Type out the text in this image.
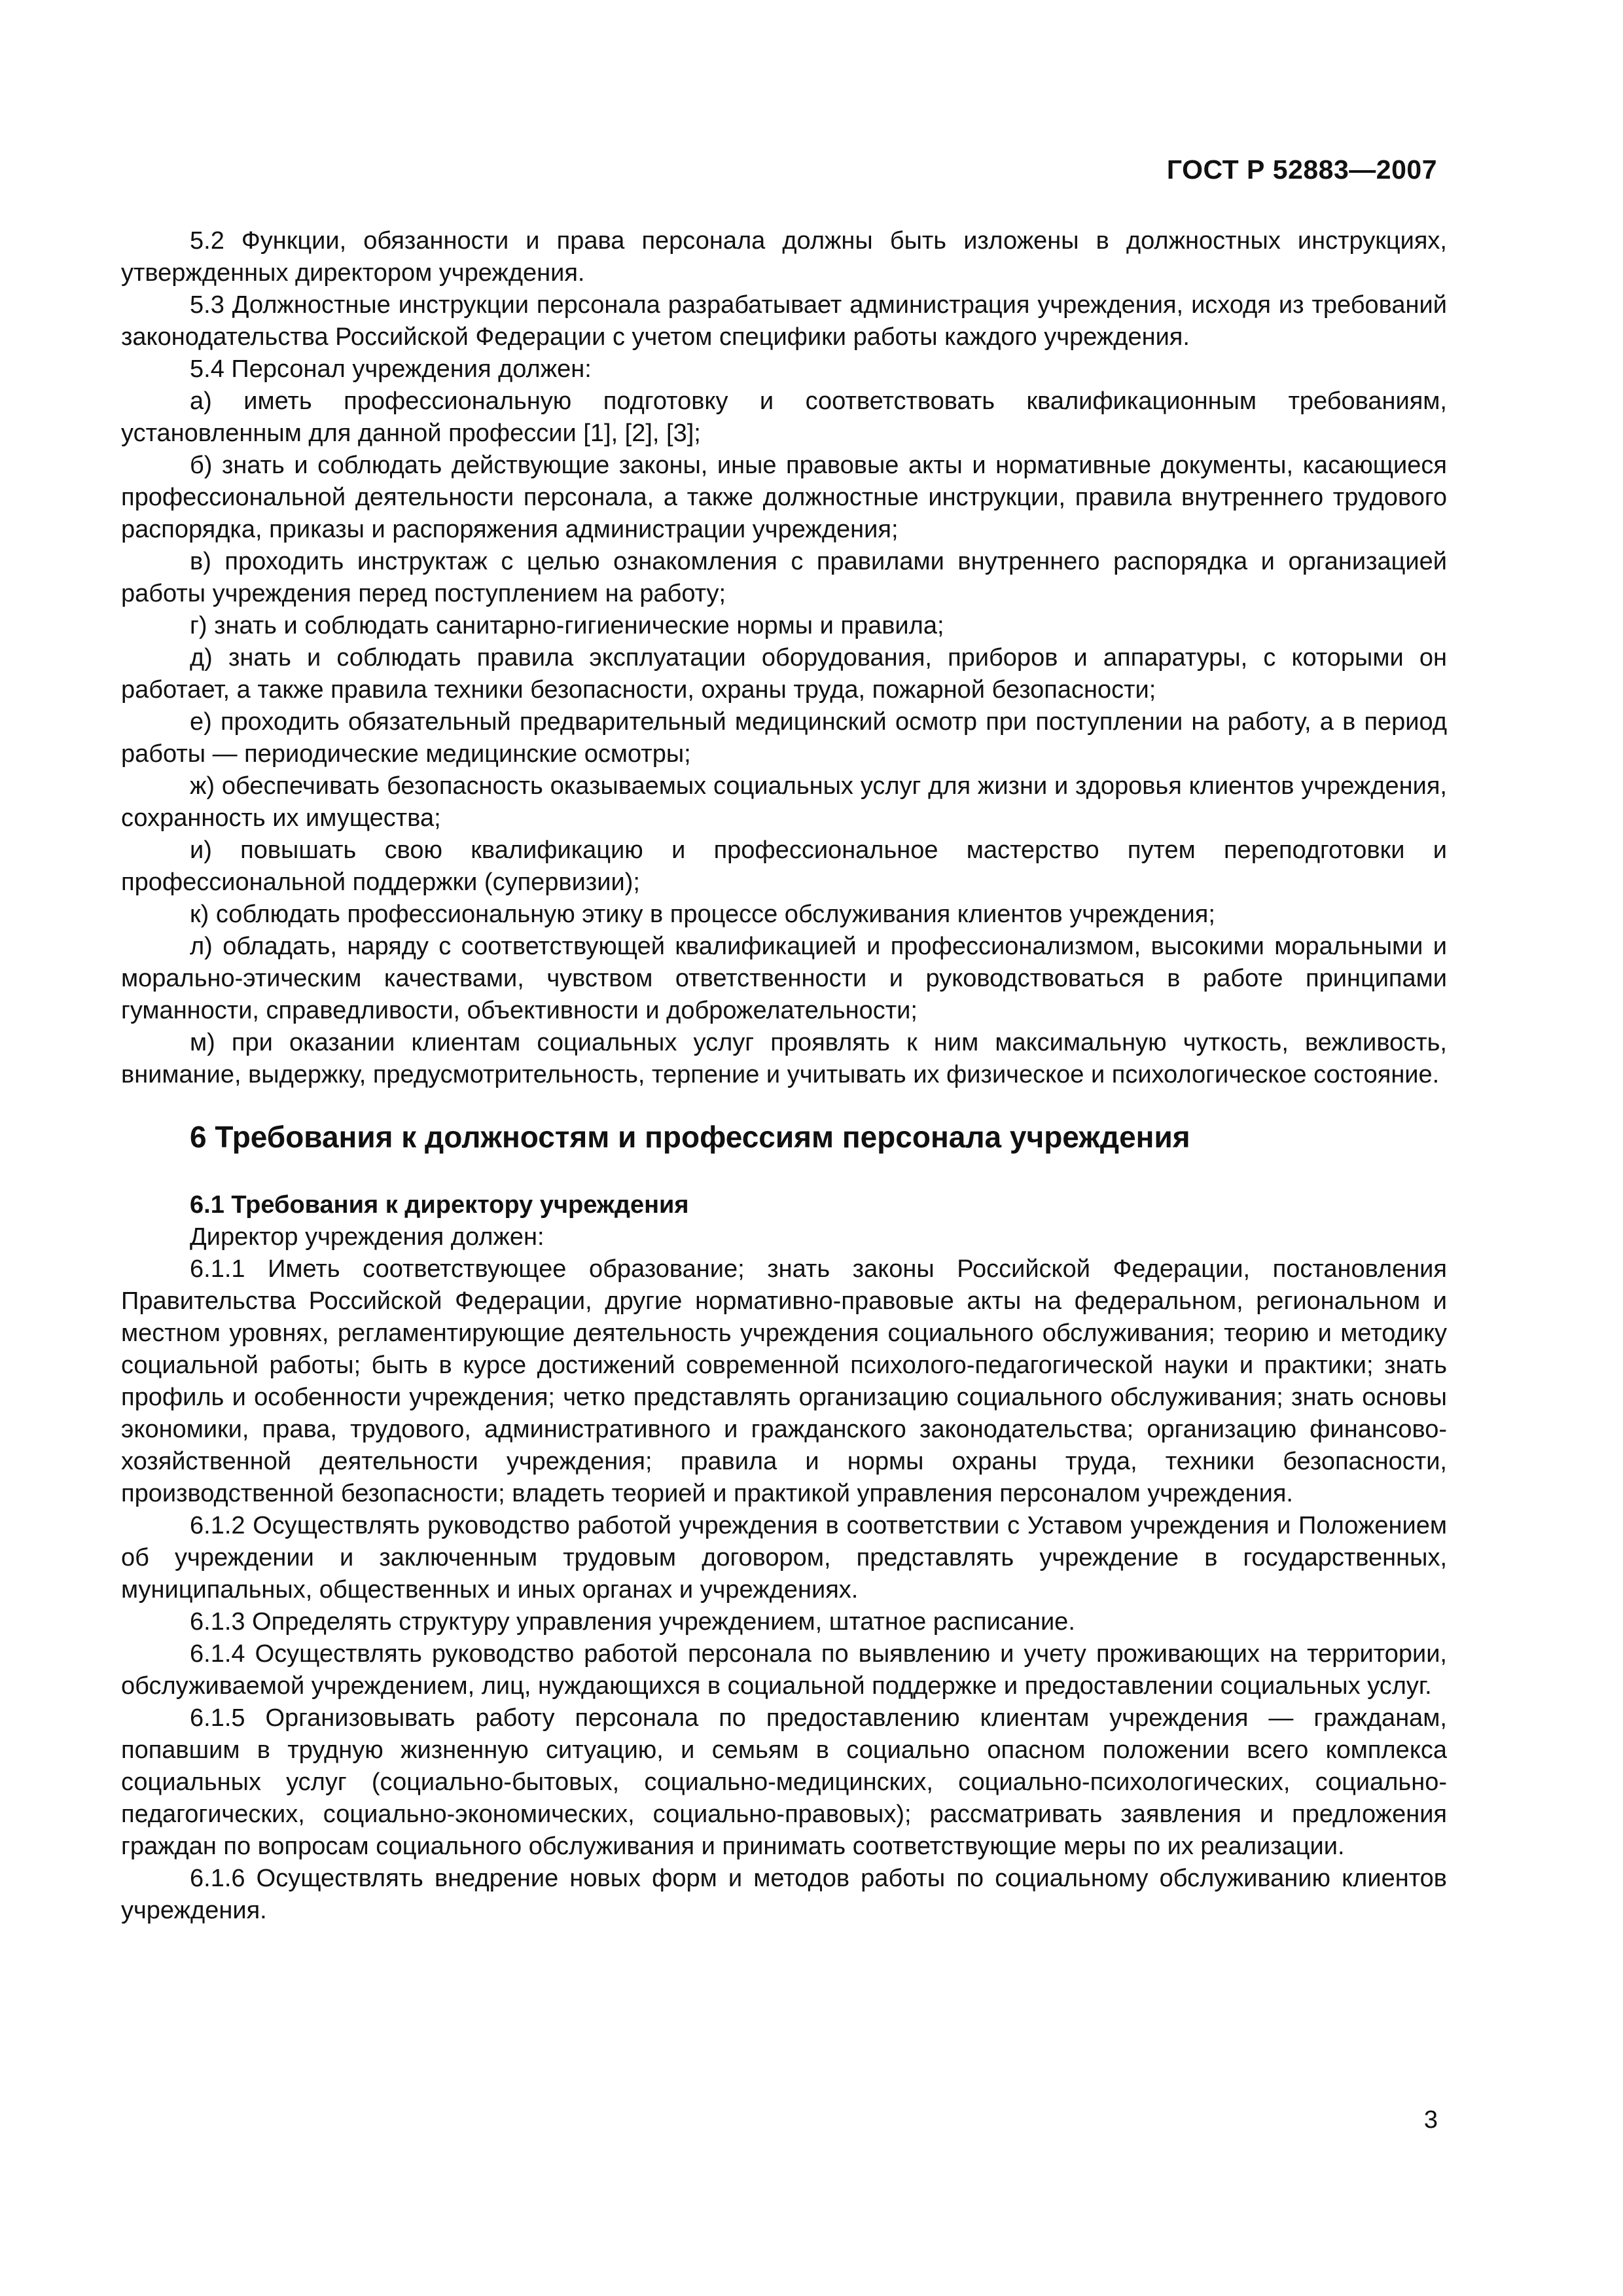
ГОСТ Р 52883—2007

5.2 Функции, обязанности и права персонала должны быть изложены в должностных инструкциях, утвержденных директором учреждения.

5.3 Должностные инструкции персонала разрабатывает администрация учреждения, исходя из требований законодательства Российской Федерации с учетом специфики работы каждого учреждения.

5.4 Персонал учреждения должен:

а) иметь профессиональную подготовку и соответствовать квалификационным требованиям, установленным для данной профессии [1], [2], [3];

б) знать и соблюдать действующие законы, иные правовые акты и нормативные документы, касающиеся профессиональной деятельности персонала, а также должностные инструкции, правила внутреннего трудового распорядка, приказы и распоряжения администрации учреждения;

в) проходить инструктаж с целью ознакомления с правилами внутреннего распорядка и организацией работы учреждения перед поступлением на работу;

г) знать и соблюдать санитарно-гигиенические нормы и правила;

д) знать и соблюдать правила эксплуатации оборудования, приборов и аппаратуры, с которыми он работает, а также правила техники безопасности, охраны труда, пожарной безопасности;

е) проходить обязательный предварительный медицинский осмотр при поступлении на работу, а в период работы — периодические медицинские осмотры;

ж) обеспечивать безопасность оказываемых социальных услуг для жизни и здоровья клиентов учреждения, сохранность их имущества;

и) повышать свою квалификацию и профессиональное мастерство путем переподготовки и профессиональной поддержки (супервизии);

к) соблюдать профессиональную этику в процессе обслуживания клиентов учреждения;

л) обладать, наряду с соответствующей квалификацией и профессионализмом, высокими моральными и морально-этическим качествами, чувством ответственности и руководствоваться в работе принципами гуманности, справедливости, объективности и доброжелательности;

м) при оказании клиентам социальных услуг проявлять к ним максимальную чуткость, вежливость, внимание, выдержку, предусмотрительность, терпение и учитывать их физическое и психологическое состояние.

6 Требования к должностям и профессиям персонала учреждения
6.1 Требования к директору учреждения

Директор учреждения должен:

6.1.1 Иметь соответствующее образование; знать законы Российской Федерации, постановления Правительства Российской Федерации, другие нормативно-правовые акты на федеральном, региональном и местном уровнях, регламентирующие деятельность учреждения социального обслуживания; теорию и методику социальной работы; быть в курсе достижений современной психолого-педагогической науки и практики; знать профиль и особенности учреждения; четко представлять организацию социального обслуживания; знать основы экономики, права, трудового, административного и гражданского законодательства; организацию финансово-хозяйственной деятельности учреждения; правила и нормы охраны труда, техники безопасности, производственной безопасности; владеть теорией и практикой управления персоналом учреждения.

6.1.2 Осуществлять руководство работой учреждения в соответствии с Уставом учреждения и Положением об учреждении и заключенным трудовым договором, представлять учреждение в государственных, муниципальных, общественных и иных органах и учреждениях.

6.1.3 Определять структуру управления учреждением, штатное расписание.

6.1.4 Осуществлять руководство работой персонала по выявлению и учету проживающих на территории, обслуживаемой учреждением, лиц, нуждающихся в социальной поддержке и предоставлении социальных услуг.

6.1.5 Организовывать работу персонала по предоставлению клиентам учреждения — гражданам, попавшим в трудную жизненную ситуацию, и семьям в социально опасном положении всего комплекса социальных услуг (социально-бытовых, социально-медицинских, социально-психологических, социально-педагогических, социально-экономических, социально-правовых); рассматривать заявления и предложения граждан по вопросам социального обслуживания и принимать соответствующие меры по их реализации.

6.1.6 Осуществлять внедрение новых форм и методов работы по социальному обслуживанию клиентов учреждения.

3
